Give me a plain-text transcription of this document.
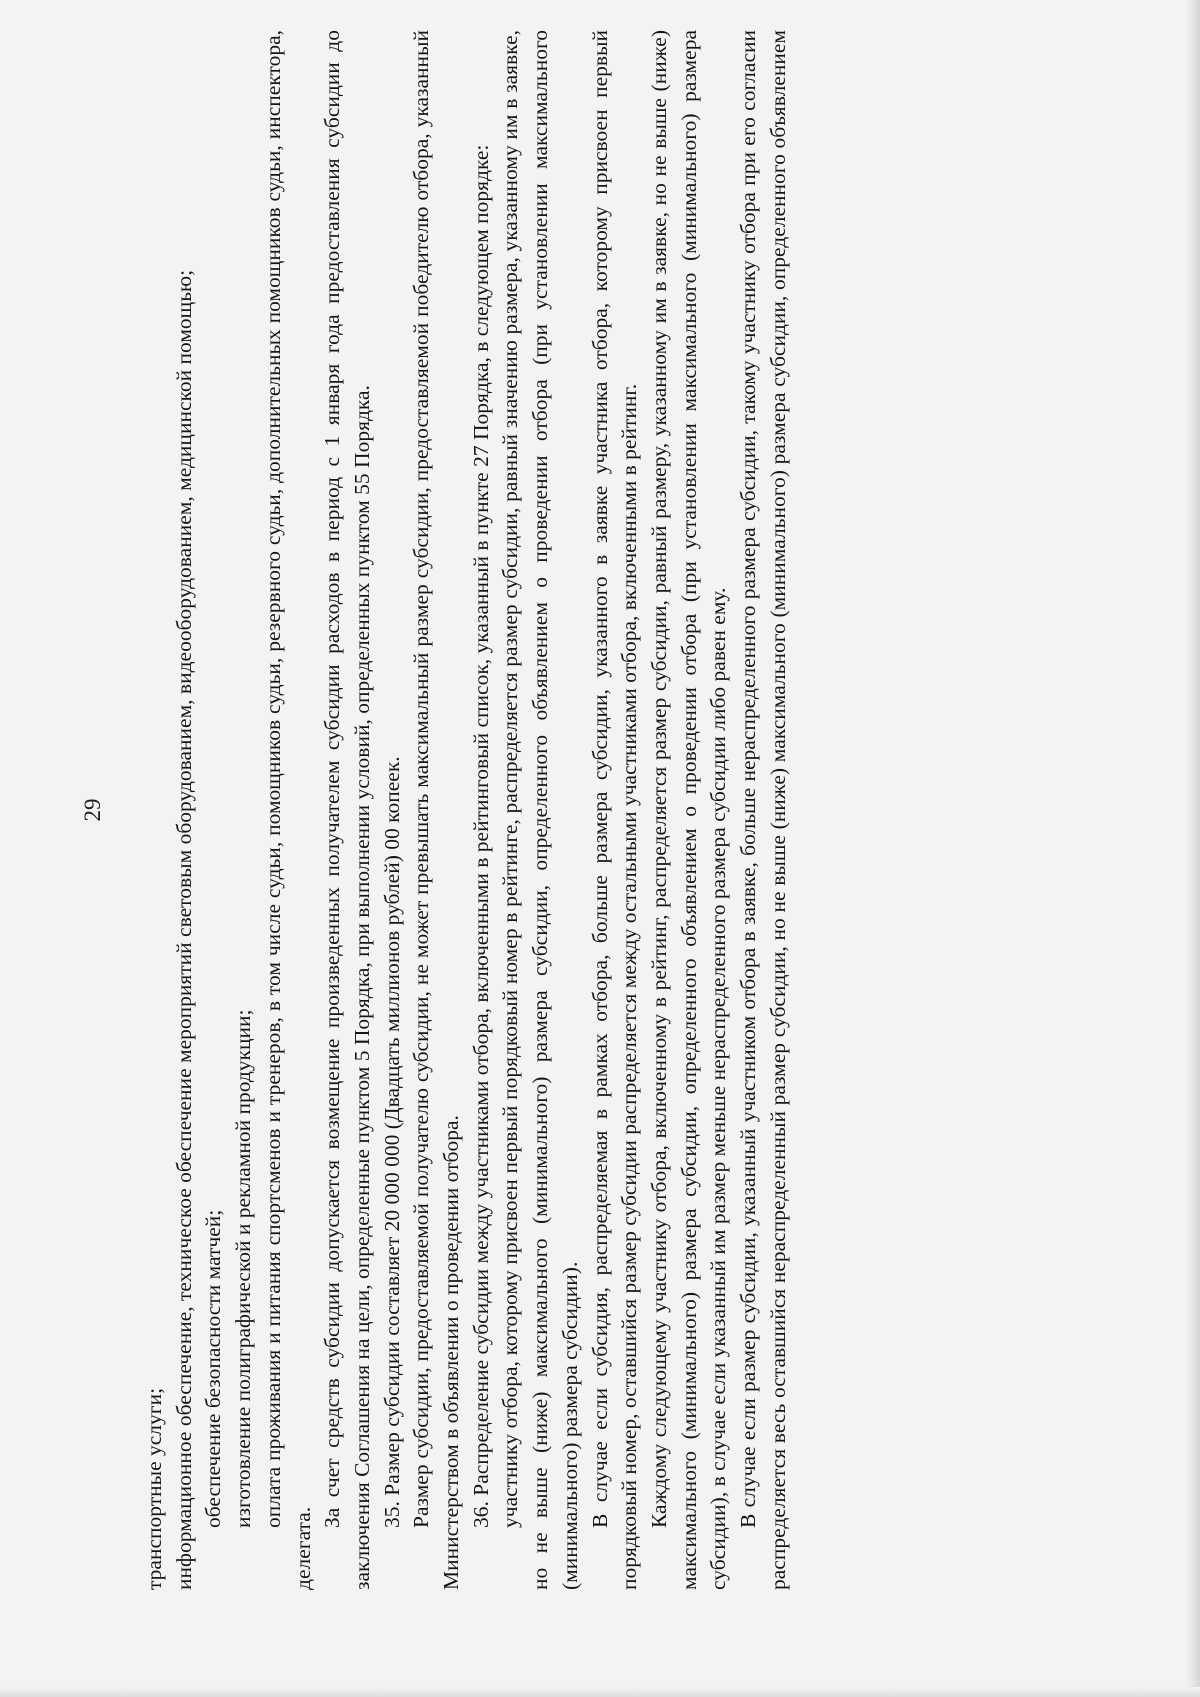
29

транспортные услуги; информационное обеспечение, техническое обеспечение мероприятий световым оборудованием, видеооборудованием, медицинской помощью; обеспечение безопасности матчей; изготовление полиграфической и рекламной продукции; оплата проживания и питания спортсменов и тренеров, в том числе судьи, помощников судьи, резервного судьи, дополнительных помощников судьи, инспектора, делегата.

За счет средств субсидии допускается возмещение произведенных получателем субсидии расходов в период с 1 января года предоставления субсидии до заключения Соглашения на цели, определенные пунктом 5 Порядка, при выполнении условий, определенных пунктом 55 Порядка. 35. Размер субсидии составляет 20 000 000 (Двадцать миллионов рублей) 00 копеек. Размер субсидии, предоставляемой получателю субсидии, не может превышать максимальный размер субсидии, предоставляемой победителю отбора, указанный Министерством в объявлении о проведении отбора. 36. Распределение субсидии между участниками отбора, включенными в рейтинговый список, указанный в пункте 27 Порядка, в следующем порядке: участнику отбора, которому присвоен первый порядковый номер в рейтинге, распределяется размер субсидии, равный значению размера, указанному им в заявке, но не выше (ниже) максимального (минимального) размера субсидии, определенного объявлением о проведении отбора (при установлении максимального (минимального) размера субсидии). В случае если субсидия, распределяемая в рамках отбора, больше размера субсидии, указанного в заявке участника отбора, которому присвоен первый порядковый номер, оставшийся размер субсидии распределяется между остальными участниками отбора, включенными в рейтинг. Каждому следующему участнику отбора, включенному в рейтинг, распределяется размер субсидии, равный размеру, указанному им в заявке, но не выше (ниже) максимального (минимального) размера субсидии, определенного объявлением о проведении отбора (при установлении максимального (минимального) размера субсидии), в случае если указанный им размер меньше нераспределенного размера субсидии либо равен ему. В случае если размер субсидии, указанный участником отбора в заявке, больше нераспределенного размера субсидии, такому участнику отбора при его согласии распределяется весь оставшийся нераспределенный размер субсидии, но не выше (ниже) максимального (минимального) размера субсидии, определенного объявлением
